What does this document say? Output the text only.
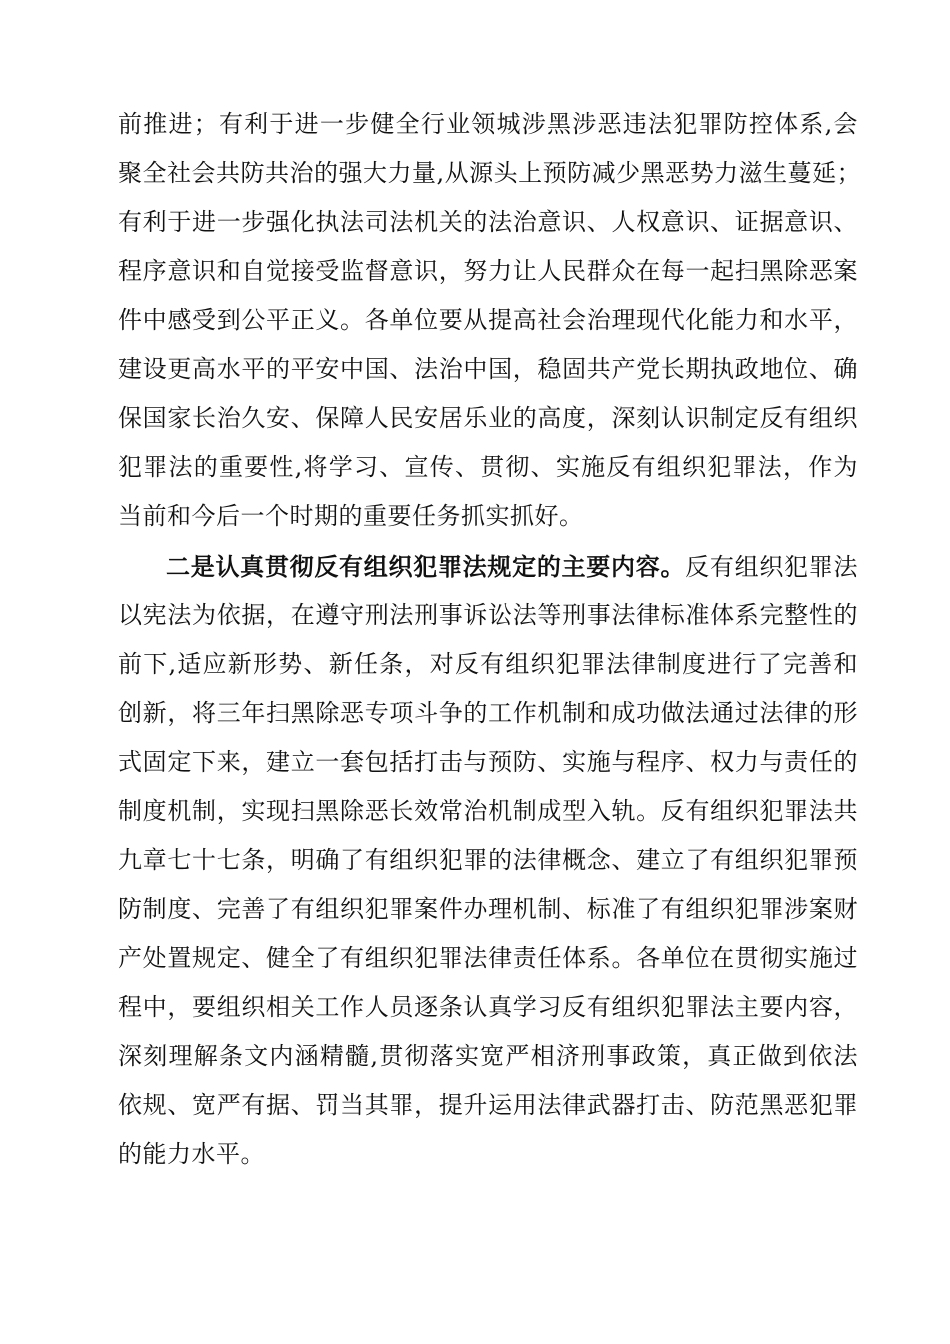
前推进；有利于进一步健全行业领城涉黑涉恶违法犯罪防控体系,会
聚全社会共防共治的强大力量,从源头上预防减少黑恶势力滋生蔓延；
有利于进一步强化执法司法机关的法治意识、人权意识、证据意识、
程序意识和自觉接受监督意识，努力让人民群众在每一起扫黑除恶案
件中感受到公平正义。各单位要从提高社会治理现代化能力和水平，
建设更高水平的平安中国、法治中国，稳固共产党长期执政地位、确
保国家长治久安、保障人民安居乐业的高度，深刻认识制定反有组织
犯罪法的重要性,将学习、宣传、贯彻、实施反有组织犯罪法，作为
当前和今后一个时期的重要任务抓实抓好。
二是认真贯彻反有组织犯罪法规定的主要内容。反有组织犯罪法
以宪法为依据，在遵守刑法刑事诉讼法等刑事法律标准体系完整性的
前下,适应新形势、新任条，对反有组织犯罪法律制度进行了完善和
创新，将三年扫黑除恶专项斗争的工作机制和成功做法通过法律的形
式固定下来，建立一套包括打击与预防、实施与程序、权力与责任的
制度机制，实现扫黑除恶长效常治机制成型入轨。反有组织犯罪法共
九章七十七条，明确了有组织犯罪的法律概念、建立了有组织犯罪预
防制度、完善了有组织犯罪案件办理机制、标准了有组织犯罪涉案财
产处置规定、健全了有组织犯罪法律责任体系。各单位在贯彻实施过
程中，要组织相关工作人员逐条认真学习反有组织犯罪法主要内容，
深刻理解条文内涵精髓,贯彻落实宽严相济刑事政策，真正做到依法
依规、宽严有据、罚当其罪，提升运用法律武器打击、防范黑恶犯罪
的能力水平。
